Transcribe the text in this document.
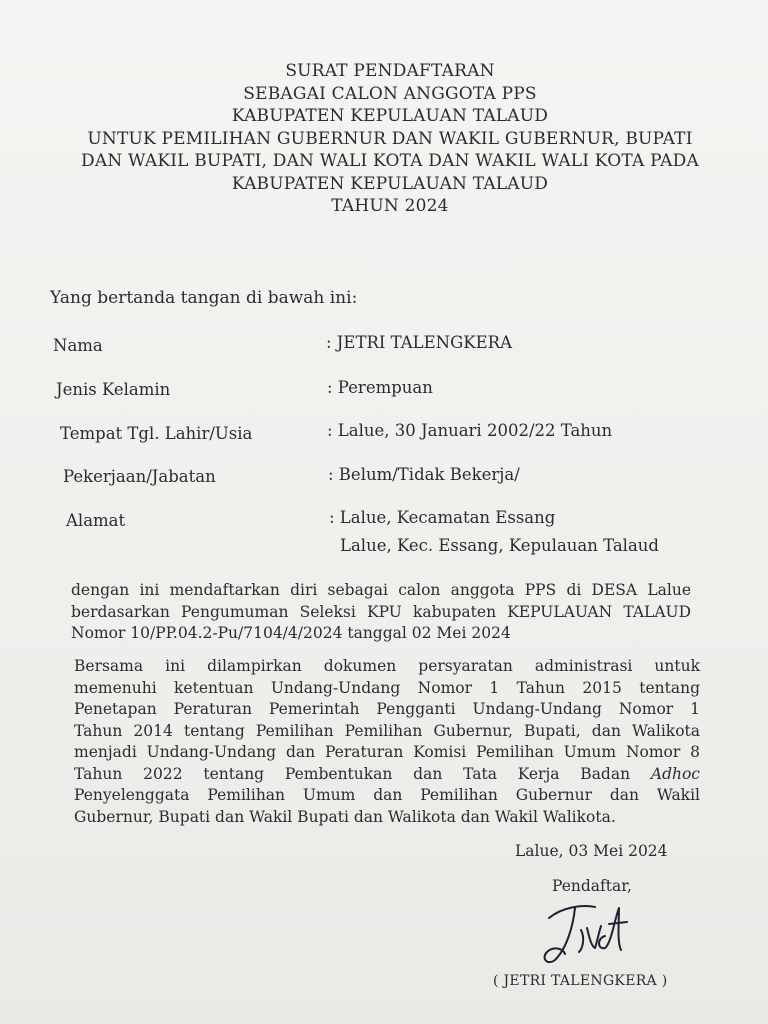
SURAT PENDAFTARAN
SEBAGAI CALON ANGGOTA PPS
KABUPATEN KEPULAUAN TALAUD
UNTUK PEMILIHAN GUBERNUR DAN WAKIL GUBERNUR, BUPATI
DAN WAKIL BUPATI, DAN WALI KOTA DAN WAKIL WALI KOTA PADA
KABUPATEN KEPULAUAN TALAUD
TAHUN 2024
Yang bertanda tangan di bawah ini:
Nama	: JETRI TALENGKERA
Jenis Kelamin	: Perempuan
Tempat Tgl. Lahir/Usia	: Lalue, 30 Januari 2002/22 Tahun
Pekerjaan/Jabatan	: Belum/Tidak Bekerja/
Alamat	: Lalue, Kecamatan Essang
Lalue, Kec. Essang, Kepulauan Talaud
dengan ini mendaftarkan diri sebagai calon anggota PPS di DESA Lalue
berdasarkan Pengumuman Seleksi KPU kabupaten KEPULAUAN TALAUD
Nomor 10/PP.04.2-Pu/7104/4/2024 tanggal 02 Mei 2024
Bersama ini dilampirkan dokumen persyaratan administrasi untuk
memenuhi ketentuan Undang-Undang Nomor 1 Tahun 2015 tentang
Penetapan Peraturan Pemerintah Pengganti Undang-Undang Nomor 1
Tahun 2014 tentang Pemilihan Pemilihan Gubernur, Bupati, dan Walikota
menjadi Undang-Undang dan Peraturan Komisi Pemilihan Umum Nomor 8
Tahun 2022 tentang Pembentukan dan Tata Kerja Badan Adhoc
Penyelenggata Pemilihan Umum dan Pemilihan Gubernur dan Wakil
Gubernur, Bupati dan Wakil Bupati dan Walikota dan Wakil Walikota.
Lalue, 03 Mei 2024
Pendaftar,
( JETRI TALENGKERA )
